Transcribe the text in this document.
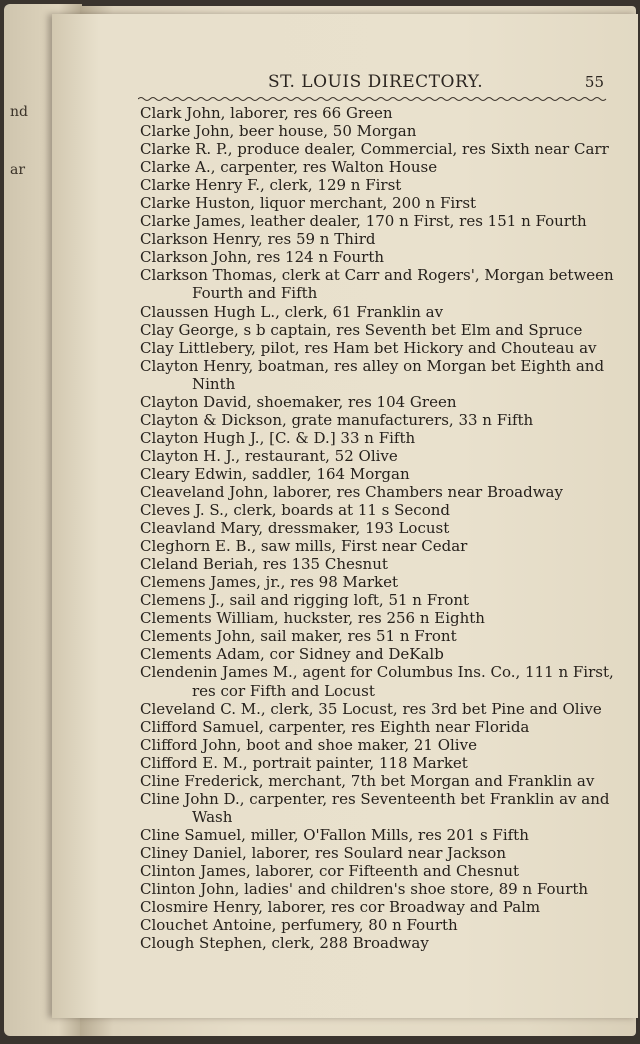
nd
ar
ST. LOUIS DIRECTORY.	55
Clark John, laborer, res 66 Green
Clarke John, beer house, 50 Morgan
Clarke R. P., produce dealer, Commercial, res Sixth near Carr
Clarke A., carpenter, res Walton House
Clarke Henry F., clerk, 129 n First
Clarke Huston, liquor merchant, 200 n First
Clarke James, leather dealer, 170 n First, res 151 n Fourth
Clarkson Henry, res 59 n Third
Clarkson John, res 124 n Fourth
Clarkson Thomas, clerk at Carr and Rogers', Morgan between
Fourth and Fifth
Claussen Hugh L., clerk, 61 Franklin av
Clay George, s b captain, res Seventh bet Elm and Spruce
Clay Littlebery, pilot, res Ham bet Hickory and Chouteau av
Clayton Henry, boatman, res alley on Morgan bet Eighth and
Ninth
Clayton David, shoemaker, res 104 Green
Clayton & Dickson, grate manufacturers, 33 n Fifth
Clayton Hugh J., [C. & D.] 33 n Fifth
Clayton H. J., restaurant, 52 Olive
Cleary Edwin, saddler, 164 Morgan
Cleaveland John, laborer, res Chambers near Broadway
Cleves J. S., clerk, boards at 11 s Second
Cleavland Mary, dressmaker, 193 Locust
Cleghorn E. B., saw mills, First near Cedar
Cleland Beriah, res 135 Chesnut
Clemens James, jr., res 98 Market
Clemens J., sail and rigging loft, 51 n Front
Clements William, huckster, res 256 n Eighth
Clements John, sail maker, res 51 n Front
Clements Adam, cor Sidney and DeKalb
Clendenin James M., agent for Columbus Ins. Co., 111 n First,
res cor Fifth and Locust
Cleveland C. M., clerk, 35 Locust, res 3rd bet Pine and Olive
Clifford Samuel, carpenter, res Eighth near Florida
Clifford John, boot and shoe maker, 21 Olive
Clifford E. M., portrait painter, 118 Market
Cline Frederick, merchant, 7th bet Morgan and Franklin av
Cline John D., carpenter, res Seventeenth bet Franklin av and
Wash
Cline Samuel, miller, O'Fallon Mills, res 201 s Fifth
Cliney Daniel, laborer, res Soulard near Jackson
Clinton James, laborer, cor Fifteenth and Chesnut
Clinton John, ladies' and children's shoe store, 89 n Fourth
Closmire Henry, laborer, res cor Broadway and Palm
Clouchet Antoine, perfumery, 80 n Fourth
Clough Stephen, clerk, 288 Broadway
